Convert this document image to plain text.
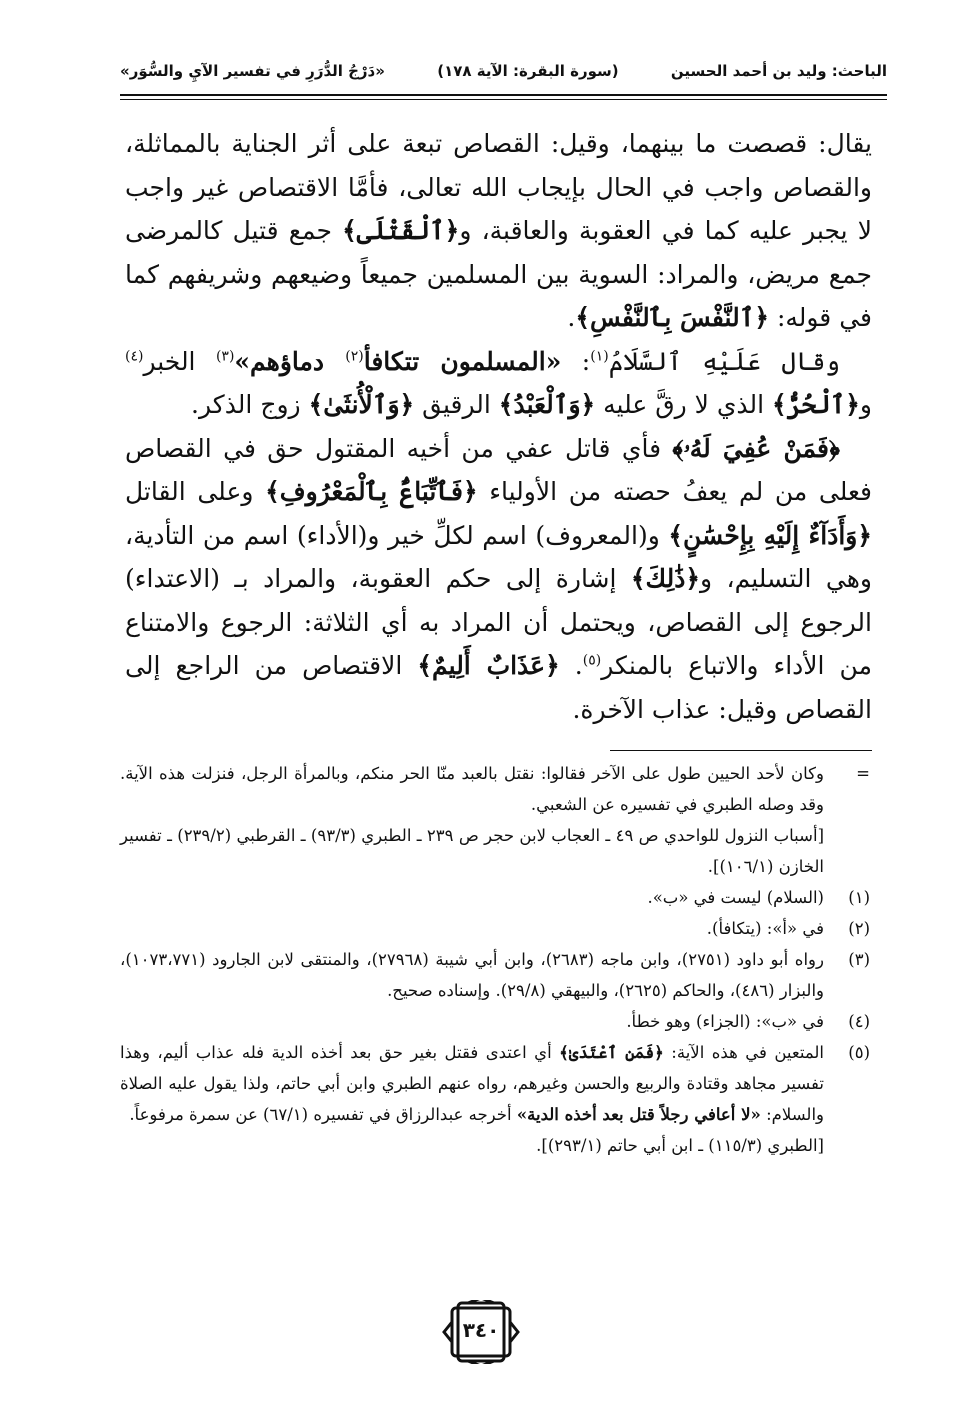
الباحث: وليد بن أحمد الحسين
(سورة البقرة: الآية ١٧٨)
«دَرْجُ الدُّرَرِ في تفسير الآيِ والسُّوَر»

يقال: قصصت ما بينهما، وقيل: القصاص تبعة على أثر الجناية بالمماثلة، والقصاص واجب في الحال بإيجاب الله تعالى، فأمَّا الاقتصاص غير واجب لا يجبر عليه كما في العقوبة والعاقبة، و﴿ٱلْقَتْلَى﴾ جمع قتيل كالمرضى جمع مريض، والمراد: السوية بين المسلمين جميعاً وضيعهم وشريفهم كما في قوله: ﴿ٱلنَّفْسَ بِٱلنَّفْسِ﴾.

وقال عَلَيْهِ ٱلسَّلَامُ$^{(١)}$: «المسلمون تتكافأ$^{(٢)}$ دماؤهم»$^{(٣)}$ الخبر$^{(٤)}$ و﴿ٱلْحُرُّ﴾ الذي لا رقَّ عليه ﴿وَٱلْعَبْدُ﴾ الرقيق ﴿وَٱلْأُنثَىٰ﴾ زوج الذكر.

﴿فَمَنْ عُفِيَ لَهُۥ﴾ فأي قاتل عفي من أخيه المقتول حق في القصاص فعلى من لم يعفُ حصته من الأولياء ﴿فَٱتِّبَاعٌۢ بِٱلْمَعْرُوفِ﴾ وعلى القاتل ﴿وَأَدَآءٌ إِلَيْهِ بِإِحْسَٰنٍ﴾ و(المعروف) اسم لكلِّ خير و(الأداء) اسم من التأدية، وهي التسليم، و﴿ذَٰلِكَ﴾ إشارة إلى حكم العقوبة، والمراد بـ (الاعتداء) الرجوع إلى القصاص، ويحتمل أن المراد به أي الثلاثة: الرجوع والامتناع من الأداء والاتباع بالمنكر$^{(٥)}$. ﴿عَذَابٌ أَلِيمٌ﴾ الاقتصاص من الراجع إلى القصاص وقيل: عذاب الآخرة.

=
وكان لأحد الحيين طول على الآخر فقالوا: نقتل بالعبد منّا الحر منكم، وبالمرأة الرجل، فنزلت هذه الآية. وقد وصله الطبري في تفسيره عن الشعبي.
[أسباب النزول للواحدي ص ٤٩ ـ العجاب لابن حجر ص ٢٣٩ ـ الطبري (٩٣/٣) ـ القرطبي (٢٣٩/٢) ـ تفسير الخازن (١٠٦/١)].
(١)
(السلام) ليست في «ب».
(٢)
في «أ»: (يتكافأ).
(٣)
رواه أبو داود (٢٧٥١)، وابن ماجه (٢٦٨٣)، وابن أبي شيبة (٢٧٩٦٨)، والمنتقى لابن الجارود (١٠٧٣،٧٧١)، والبزار (٤٨٦)، والحاكم (٢٦٢٥)، والبيهقي (٢٩/٨). وإسناده صحيح.
(٤)
في «ب»: (الجزاء) وهو خطأ.
(٥)
المتعين في هذه الآية: ﴿فَمَنِ ٱعْتَدَىٰ﴾ أي اعتدى فقتل بغير حق بعد أخذه الدية فله عذاب أليم، وهذا تفسير مجاهد وقتادة والربيع والحسن وغيرهم، رواه عنهم الطبري وابن أبي حاتم، ولذا يقول عليه الصلاة والسلام: «لا أعافي رجلاً قتل بعد أخذه الدية» أخرجه عبدالرزاق في تفسيره (٦٧/١) عن سمرة مرفوعاً.
[الطبري (١١٥/٣) ـ ابن أبي حاتم (٢٩٣/١)].
٣٤٠
